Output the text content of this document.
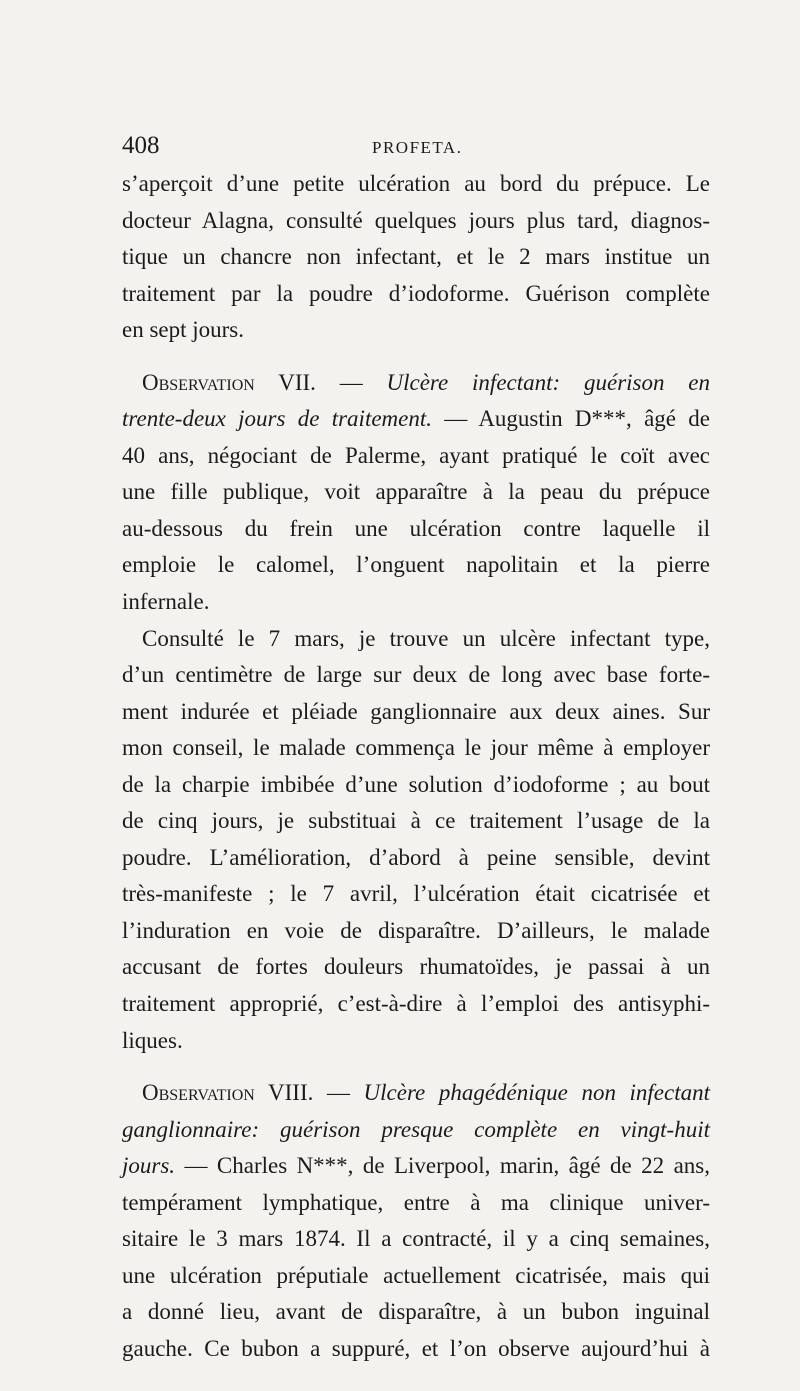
408	PROFETA.
s’aperçoit d’une petite ulcération au bord du prépuce. Le
docteur Alagna, consulté quelques jours plus tard, diagnos-
tique un chancre non infectant, et le 2 mars institue un
traitement par la poudre d’iodoforme. Guérison complète
en sept jours.
Observation VII. — Ulcère infectant: guérison en
trente-deux jours de traitement. — Augustin D***, âgé de
40 ans, négociant de Palerme, ayant pratiqué le coït avec
une fille publique, voit apparaître à la peau du prépuce
au-dessous du frein une ulcération contre laquelle il
emploie le calomel, l’onguent napolitain et la pierre
infernale.
Consulté le 7 mars, je trouve un ulcère infectant type,
d’un centimètre de large sur deux de long avec base forte-
ment indurée et pléiade ganglionnaire aux deux aines. Sur
mon conseil, le malade commença le jour même à employer
de la charpie imbibée d’une solution d’iodoforme ; au bout
de cinq jours, je substituai à ce traitement l’usage de la
poudre. L’amélioration, d’abord à peine sensible, devint
très-manifeste ; le 7 avril, l’ulcération était cicatrisée et
l’induration en voie de disparaître. D’ailleurs, le malade
accusant de fortes douleurs rhumatoïdes, je passai à un
traitement approprié, c’est-à-dire à l’emploi des antisyphi-
liques.
Observation VIII. — Ulcère phagédénique non infectant
ganglionnaire: guérison presque complète en vingt-huit
jours. — Charles N***, de Liverpool, marin, âgé de 22 ans,
tempérament lymphatique, entre à ma clinique univer-
sitaire le 3 mars 1874. Il a contracté, il y a cinq semaines,
une ulcération préputiale actuellement cicatrisée, mais qui
a donné lieu, avant de disparaître, à un bubon inguinal
gauche. Ce bubon a suppuré, et l’on observe aujourd’hui à
